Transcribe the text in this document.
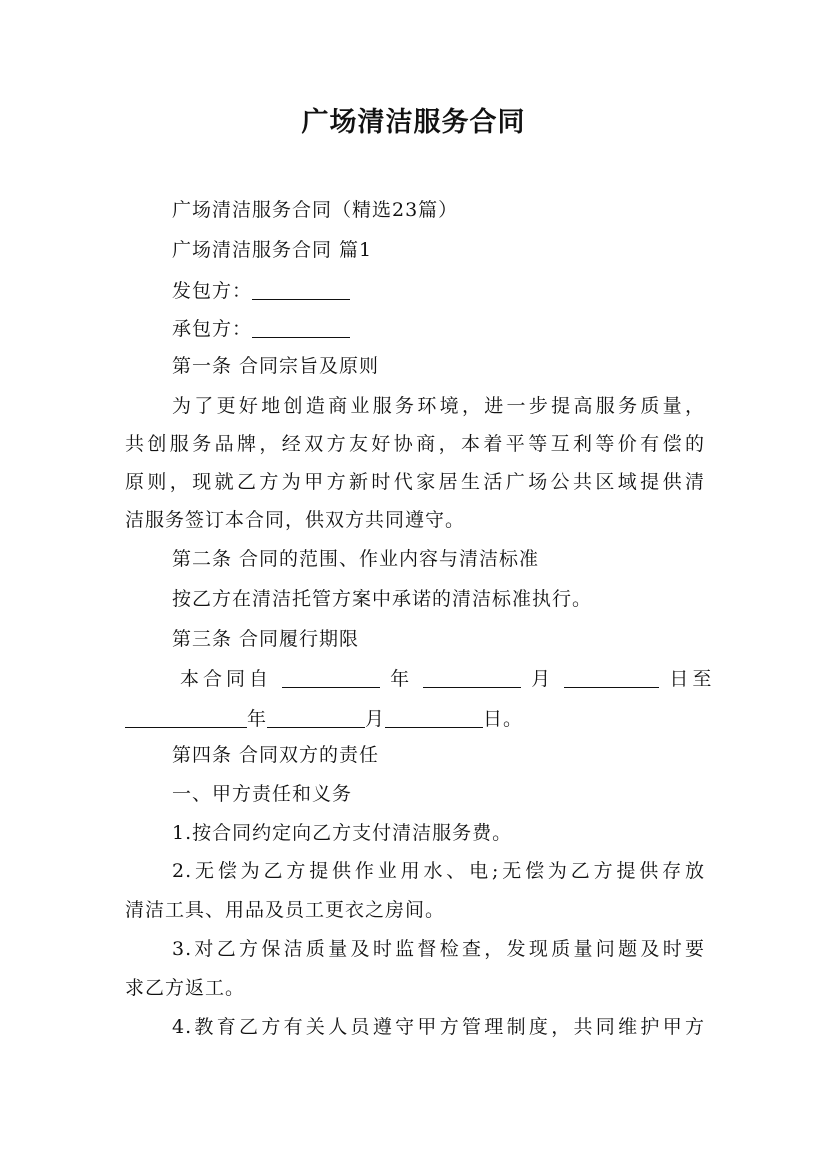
广场清洁服务合同
广场清洁服务合同（精选23篇）
广场清洁服务合同 篇1
发包方：
承包方：
第一条 合同宗旨及原则
为了更好地创造商业服务环境，进一步提高服务质量，
共创服务品牌，经双方友好协商，本着平等互利等价有偿的
原则，现就乙方为甲方新时代家居生活广场公共区域提供清
洁服务签订本合同，供双方共同遵守。
第二条 合同的范围、作业内容与清洁标准
按乙方在清洁托管方案中承诺的清洁标准执行。
第三条 合同履行期限
本合同自	年	月	日至
年	月	日。
第四条 合同双方的责任
一、甲方责任和义务
1.按合同约定向乙方支付清洁服务费。
2.无偿为乙方提供作业用水、电;无偿为乙方提供存放
清洁工具、用品及员工更衣之房间。
3.对乙方保洁质量及时监督检查，发现质量问题及时要
求乙方返工。
4.教育乙方有关人员遵守甲方管理制度，共同维护甲方
